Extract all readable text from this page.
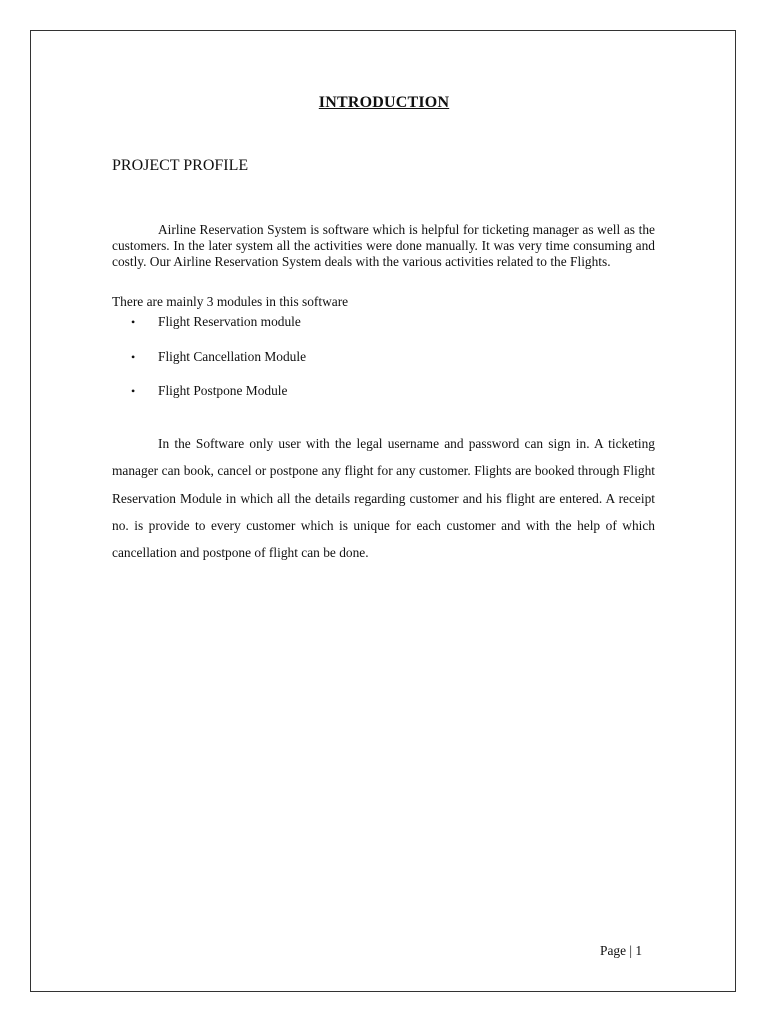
INTRODUCTION
PROJECT PROFILE

Airline Reservation System is software which is helpful for ticketing manager as well as the customers. In the later system all the activities were done manually. It was very time consuming and costly. Our Airline Reservation System deals with the various activities related to the Flights.

There are mainly 3 modules in this software

• Flight Reservation module
• Flight Cancellation Module
• Flight Postpone Module

In the Software only user with the legal username and password can sign in. A ticketing manager can book, cancel or postpone any flight for any customer. Flights are booked through Flight Reservation Module in which all the details regarding customer and his flight are entered. A receipt no. is provide to every customer which is unique for each customer and with the help of which cancellation and postpone of flight can be done.

Page | 1
